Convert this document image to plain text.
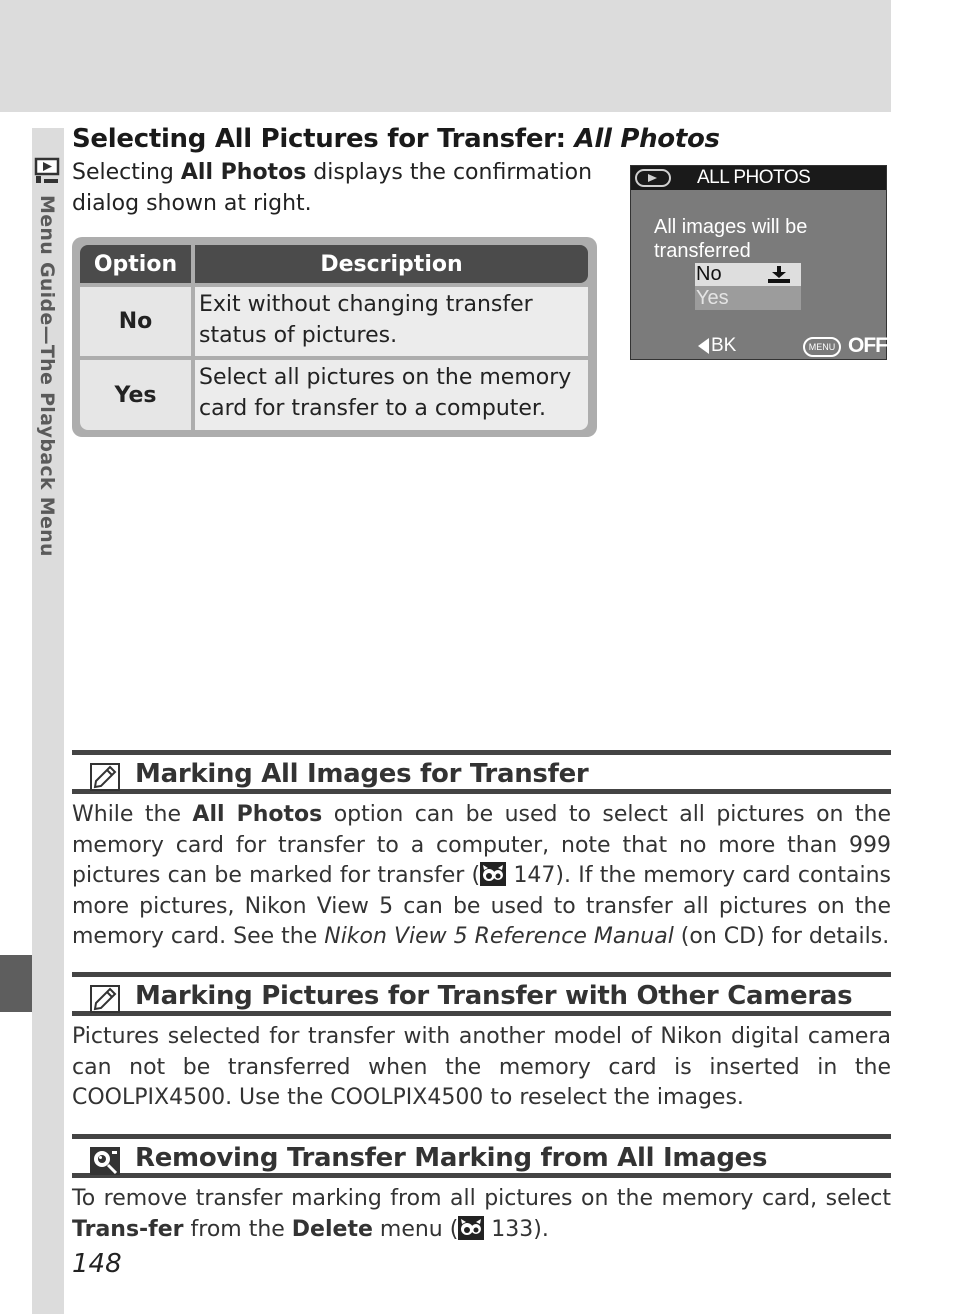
Menu Guide—The Playback Menu
Selecting All Pictures for Transfer: All Photos
Selecting All Photos displays the confirmation dialog shown at right.
Option	Description
No
Exit without changing transfer status of pictures.
Yes
Select all pictures on the memory card for transfer to a computer.
ALL PHOTOS
All images will be transferred
No
Yes
BK	MENU OFF
Marking All Images for Transfer
While the All Photos option can be used to select all pictures on the memory card for transfer to a computer, note that no more than 999 pictures can be marked for transfer ( 147). If the memory card contains more pictures, Nikon View 5 can be used to transfer all pictures on the memory card. See the Nikon View 5 Reference Manual (on CD) for details.
Marking Pictures for Transfer with Other Cameras
Pictures selected for transfer with another model of Nikon digital camera can not be transferred when the memory card is inserted in the COOLPIX4500. Use the COOLPIX4500 to reselect the images.
Removing Transfer Marking from All Images
To remove transfer marking from all pictures on the memory card, select Trans-fer from the Delete menu ( 133).
148
